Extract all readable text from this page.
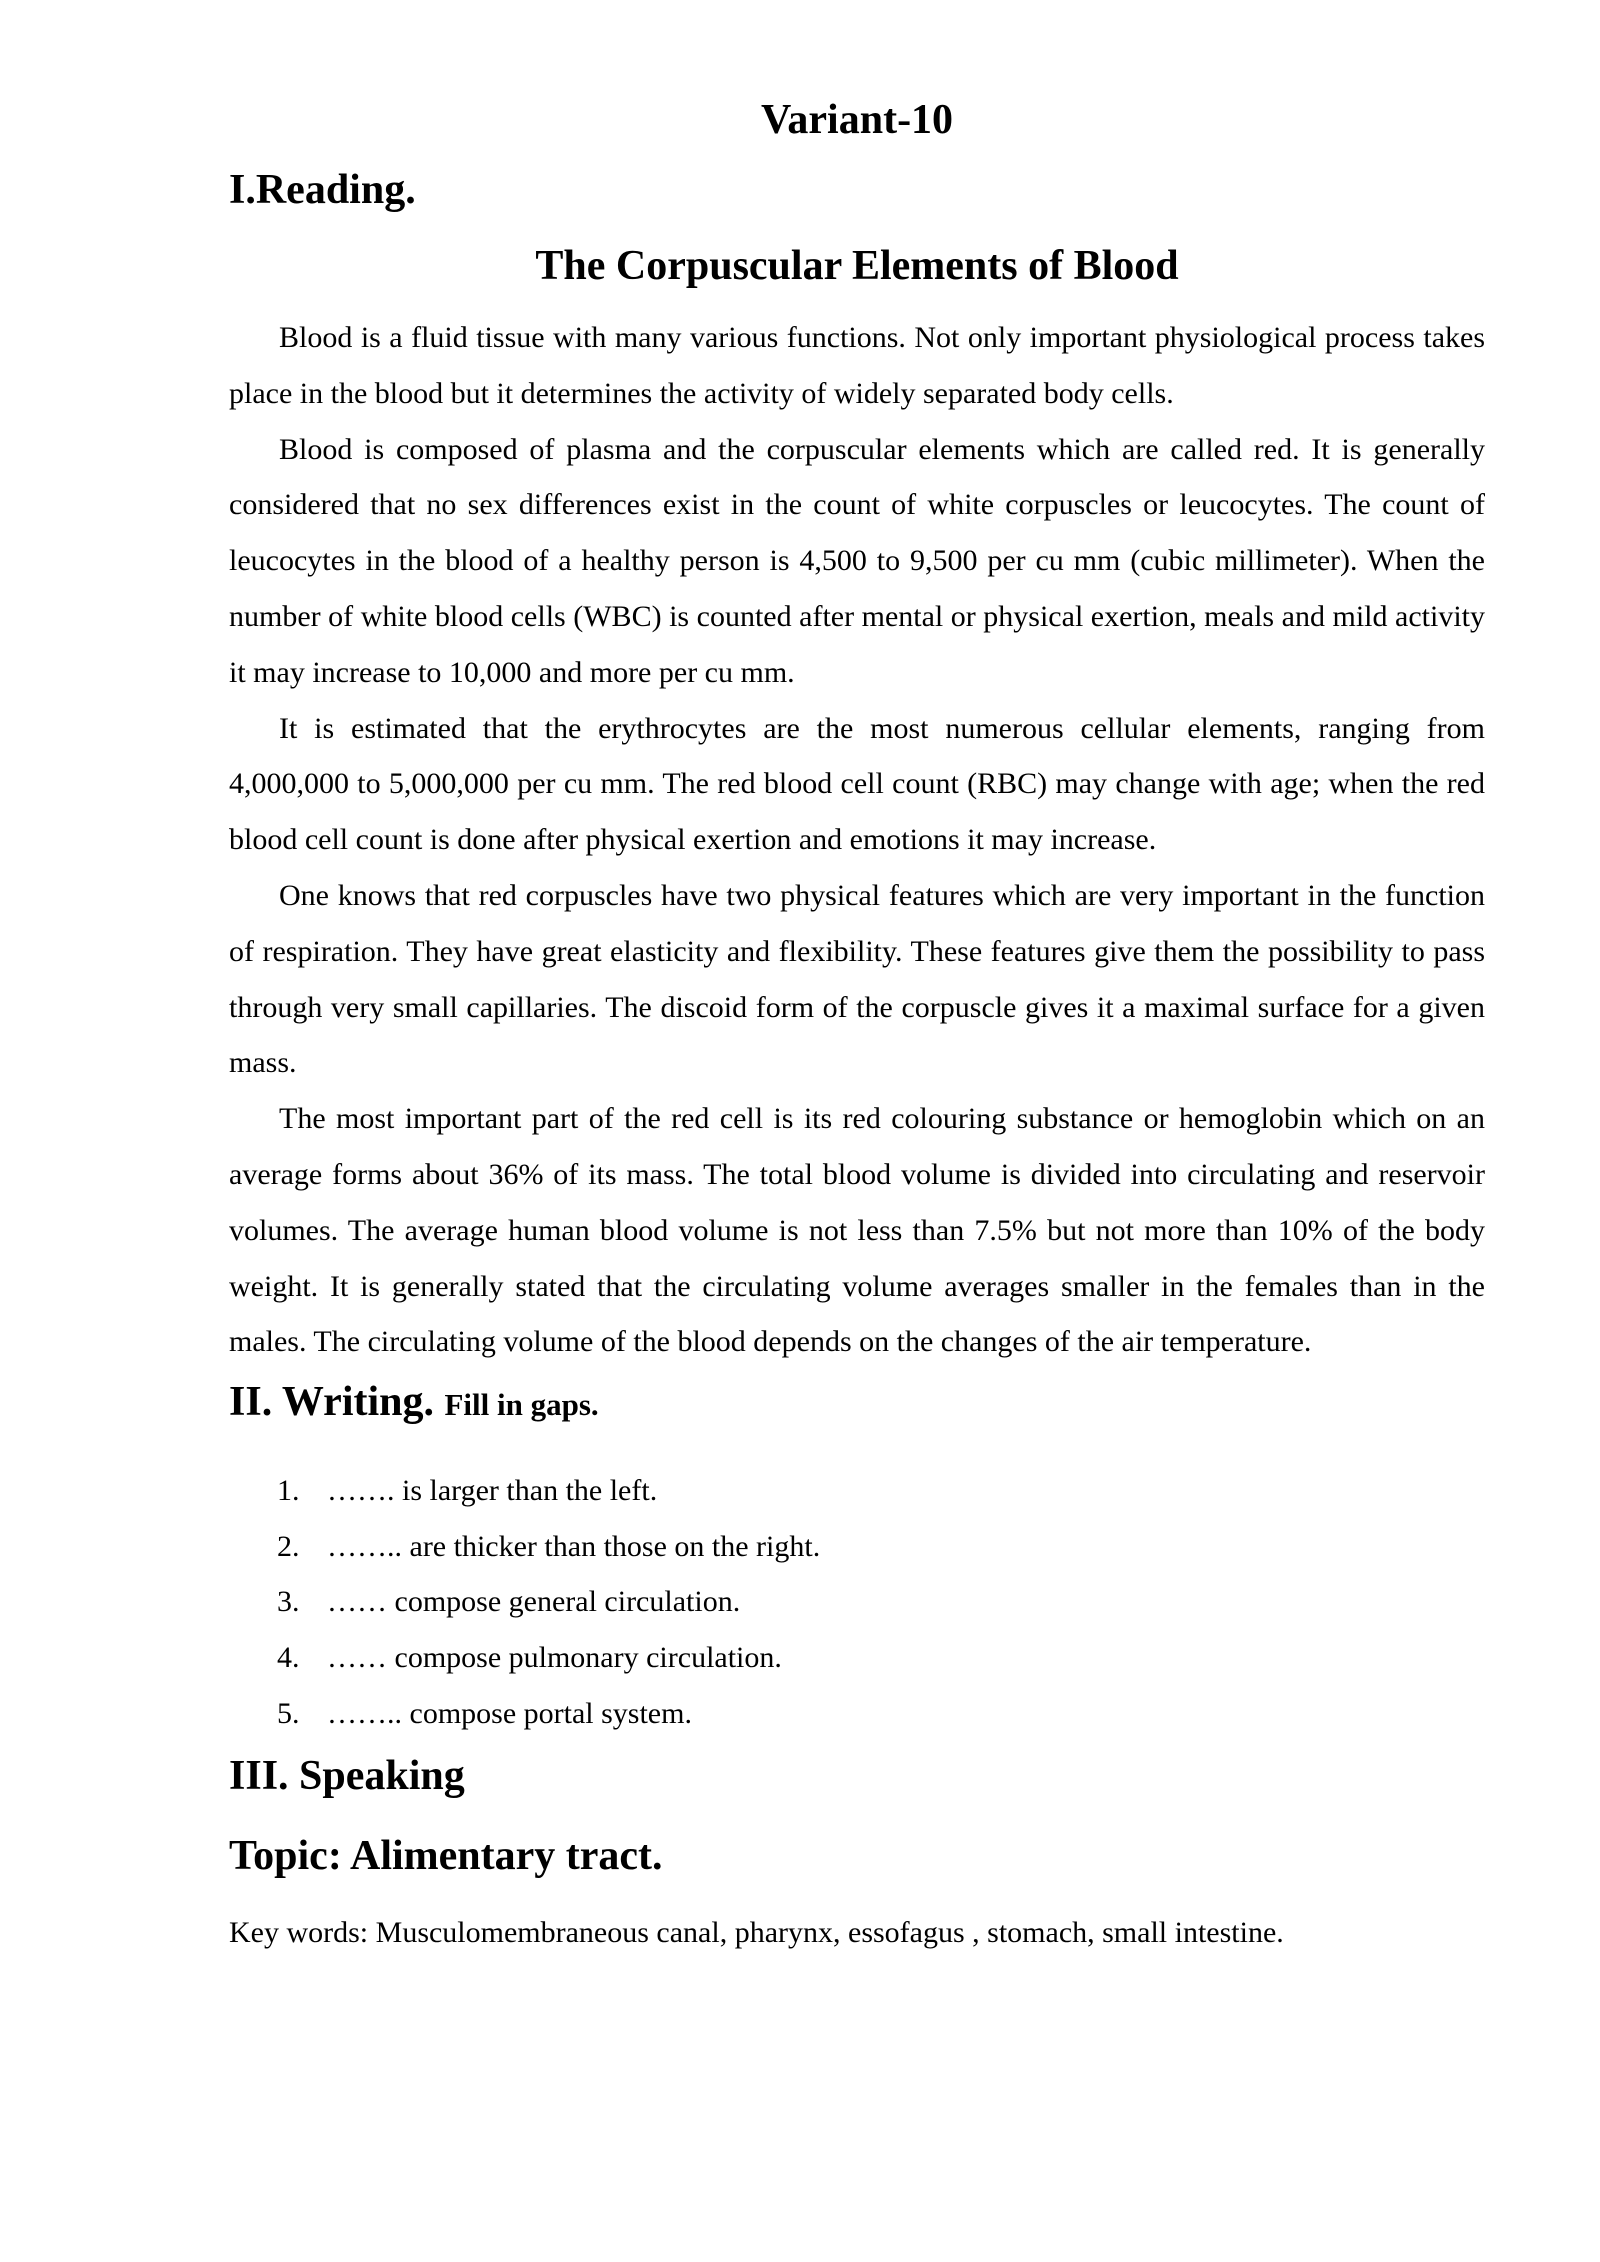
Variant-10
I.Reading.
The Corpuscular Elements of Blood

Blood is a fluid tissue with many various functions. Not only important physiological process takes place in the blood but it determines the activity of widely separated body cells.

Blood is composed of plasma and the corpuscular elements which are called red. It is generally considered that no sex differences exist in the count of white corpuscles or leucocytes. The count of leucocytes in the blood of a healthy person is 4,500 to 9,500 per cu mm (cubic millimeter). When the number of white blood cells (WBC) is counted after mental or physical exertion, meals and mild activity it may increase to 10,000 and more per cu mm.

It is estimated that the erythrocytes are the most numerous cellular elements, ranging from 4,000,000 to 5,000,000 per cu mm. The red blood cell count (RBC) may change with age; when the red blood cell count is done after physical exertion and emotions it may increase.

One knows that red corpuscles have two physical features which are very important in the function of respiration. They have great elasticity and flexibility. These features give them the possibility to pass through very small capillaries. The discoid form of the corpuscle gives it a maximal surface for a given mass.

The most important part of the red cell is its red colouring substance or hemoglobin which on an average forms about 36% of its mass. The total blood volume is divided into circulating and reservoir volumes. The average human blood volume is not less than 7.5% but not more than 10% of the body weight. It is generally stated that the circulating volume averages smaller in the females than in the males. The circulating volume of the blood depends on the changes of the air temperature.

II. Writing. Fill in gaps.
1. ……. is larger than the left.
2. …….. are thicker than those on the right.
3. …… compose general circulation.
4. …… compose pulmonary circulation.
5. …….. compose portal system.
III. Speaking
Topic: Alimentary tract.

Key words: Musculomembraneous canal, pharynx, essofagus , stomach, small intestine.
